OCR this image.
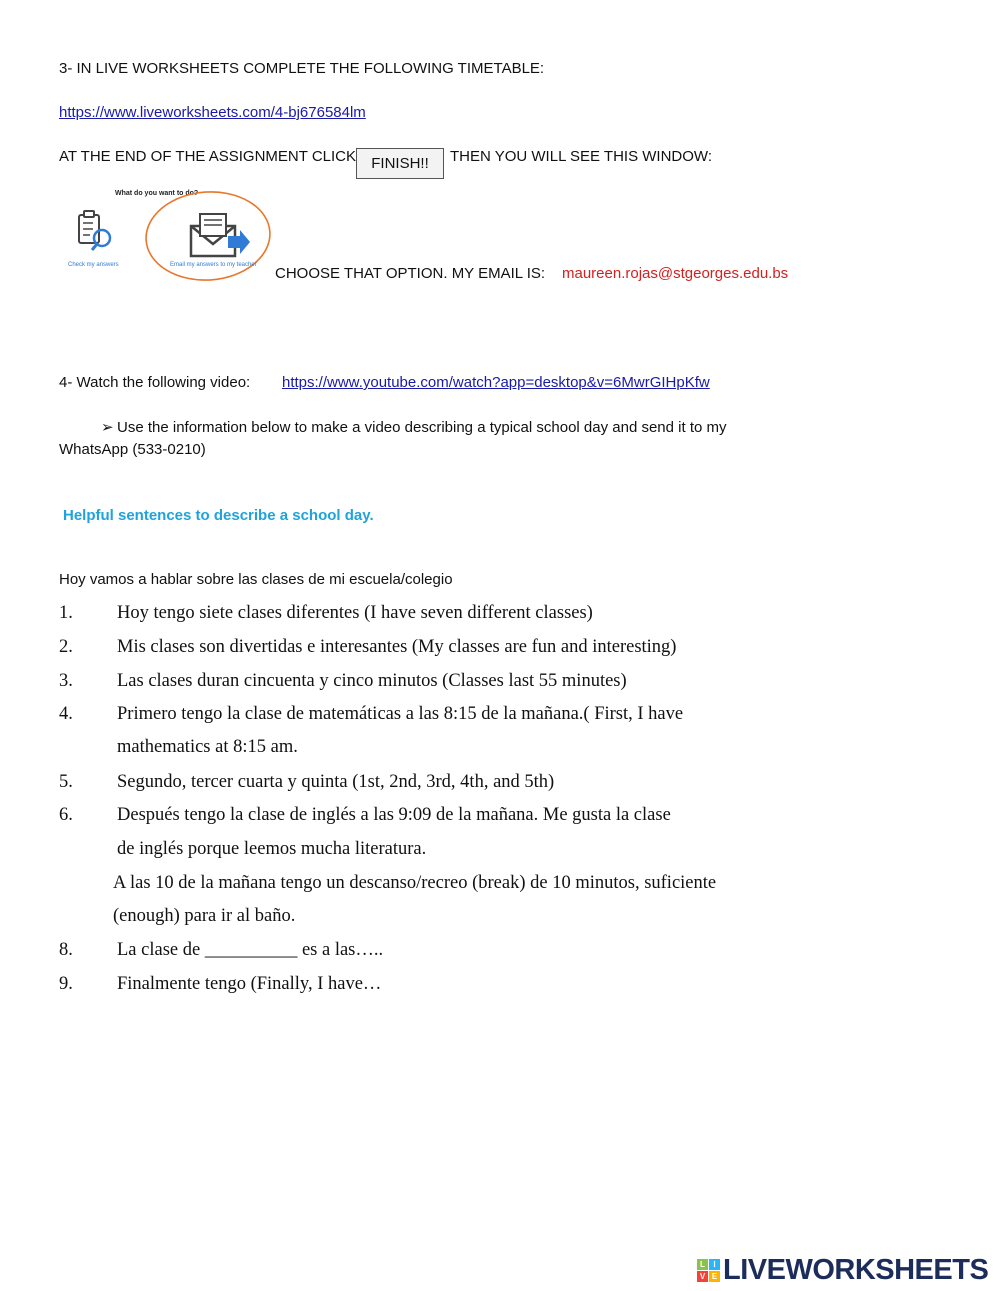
3- IN LIVE WORKSHEETS COMPLETE THE FOLLOWING TIMETABLE:
https://www.liveworksheets.com/4-bj676584lm
AT THE END OF THE ASSIGNMENT CLICK	FINISH!!	THEN YOU WILL SEE THIS WINDOW:
What do you want to do?
Check my answers	Email my answers to my teacher CHOOSE THAT OPTION. MY EMAIL IS: maureen.rojas@stgeorges.edu.bs
4- Watch the following video: https://www.youtube.com/watch?app=desktop&v=6MwrGIHpKfw
➢ Use the information below to make a video describing a typical school day and send it to my
WhatsApp (533-0210)
Helpful sentences to describe a school day.
Hoy vamos a hablar sobre las clases de mi escuela/colegio
1. Hoy tengo siete clases diferentes (I have seven different classes)
2. Mis clases son divertidas e interesantes (My classes are fun and interesting)
3. Las clases duran cincuenta y cinco minutos (Classes last 55 minutes)
4. Primero tengo la clase de matemáticas a las 8:15 de la mañana.( First, I have
mathematics at 8:15 am.
5. Segundo, tercer cuarta y quinta (1st, 2nd, 3rd, 4th, and 5th)
6. Después tengo la clase de inglés a las 9:09 de la mañana. Me gusta la clase
de inglés porque leemos mucha literatura.
A las 10 de la mañana tengo un descanso/recreo (break) de 10 minutos, suficiente
(enough) para ir al baño.
8. La clase de __________ es a las…..
9. Finalmente tengo (Finally, I have…
L	I
V E LIVEWORKSHEETS
